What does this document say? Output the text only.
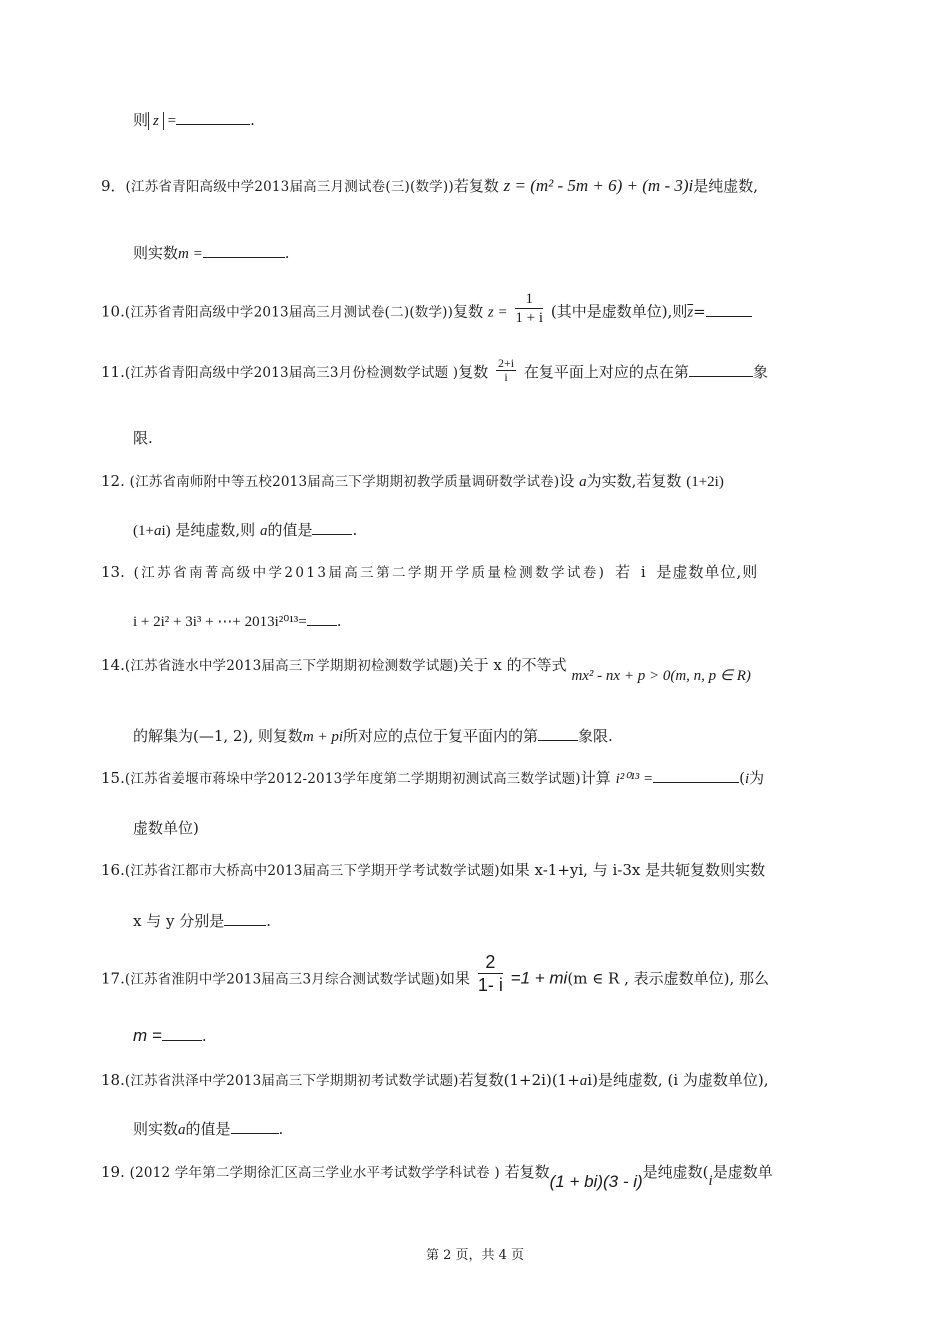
则 z =	.
9．(江苏省青阳高级中学2013届高三月测试卷(三)(数学))若复数 z = (m² - 5m + 6) + (m - 3)i是纯虚数,
则实数m =	.
10.(江苏省青阳高级中学2013届高三月测试卷(二)(数学))复数 $z = \frac{1}{1 + i}$ (其中是虚数单位),则$\overline{z}=$
11.(江苏省青阳高级中学2013届高三3月份检测数学试题 )复数 $\frac{2+i}{i}$ 在复平面上对应的点在第	象
限.
12. (江苏省南师附中等五校2013届高三下学期期初教学质量调研数学试卷)设 a为实数,若复数 (1+2i)
(1+ai) 是纯虚数,则 a的值是	.
13. (江苏省南菁高级中学2013届高三第二学期开学质量检测数学试卷) 若 i 是虚数单位,则
i + 2i² + 3i³ + ⋯+ 2013i²⁰¹³= .
14.(江苏省涟水中学2013届高三下学期期初检测数学试题)关于 x 的不等式 mx² - nx + p > 0(m, n, p ∈ R)
的解集为(—1, 2), 则复数m + pi所对应的点位于复平面内的第	象限.
15.(江苏省姜堰市蒋垛中学2012-2013学年度第二学期期初测试高三数学试题)计算 i²⁰¹³ =	(i为
虚数单位)
16.(江苏省江都市大桥高中2013届高三下学期开学考试数学试题)如果 x-1+yi, 与 i-3x 是共轭复数则实数
x 与 y 分别是	.
17.(江苏省淮阴中学2013届高三3月综合测试数学试题)如果 $\frac{2}{1- i} =1 + mi(m$ ∈ R , 表示虚数单位), 那么
m =	.
18.(江苏省洪泽中学2013届高三下学期期初考试数学试题)若复数(1+2i)(1+ai)是纯虚数, (i 为虚数单位),
则实数a的值是	.
19. (2012 学年第二学期徐汇区高三学业水平考试数学学科试卷 ) 若复数(1 + bi)(3 - i)是纯虚数(i是虚数单
第 2 页，共 4 页
